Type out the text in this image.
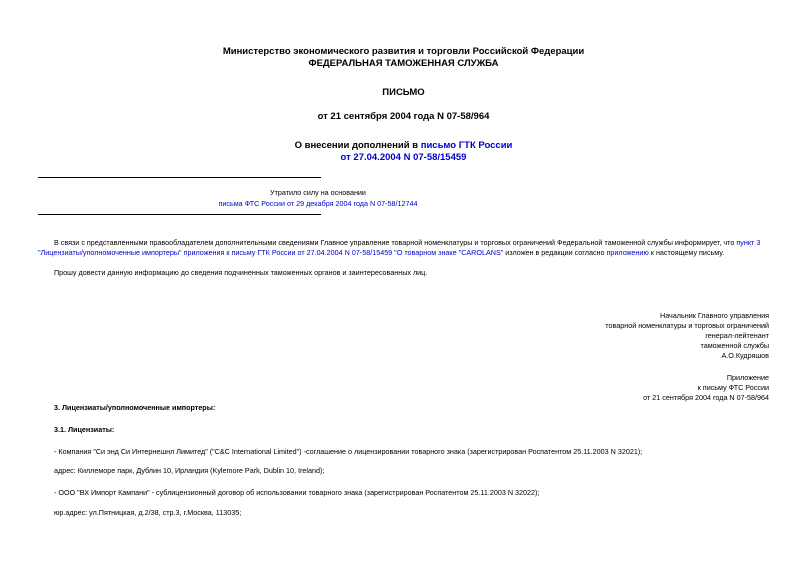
Министерство экономического развития и торговли Российской Федерации
ФЕДЕРАЛЬНАЯ ТАМОЖЕННАЯ СЛУЖБА
ПИСЬМО
от 21 сентября 2004 года N 07-58/964
О внесении дополнений в письмо ГТК России
от 27.04.2004 N 07-58/15459
Утратило силу на основании
письма ФТС России от 29 декабря 2004 года N 07-58/12744
В связи с представленными правообладателем дополнительными сведениями Главное управление товарной номенклатуры и торговых ограничений Федеральной таможенной службы информирует, что пункт 3
"Лицензиаты/уполномоченные импортеры" приложения к письму ГТК России от 27.04.2004 N 07-58/15459 "О товарном знаке "CAROLANS" изложен в редакции согласно приложению к настоящему письму.
Прошу довести данную информацию до сведения подчиненных таможенных органов и заинтересованных лиц.
Начальник Главного управления
товарной номенклатуры и торговых ограничений
генерал-лейтенант
таможенной службы
А.О.Кудряшов
Приложение
к письму ФТС России
от 21 сентября 2004 года N 07-58/964
3. Лицензиаты/уполномоченные импортеры:
3.1. Лицензиаты:
- Компания "Си энд Си Интернешнл Лимитед" ("C&C International Limited") -соглашение о лицензировании товарного знака (зарегистрирован Роспатентом 25.11.2003 N 32021);
адрес: Киллеморе парк, Дублин 10, Ирландия (Kylemore Park, Dublin 10, Ireland);
- ООО "ВХ Импорт Кампани" - сублицензионный договор об использовании товарного знака (зарегистрирован Роспатентом 25.11.2003 N 32022);
юр.адрес: ул.Пятницкая, д.2/38, стр.3, г.Москва, 113035;
